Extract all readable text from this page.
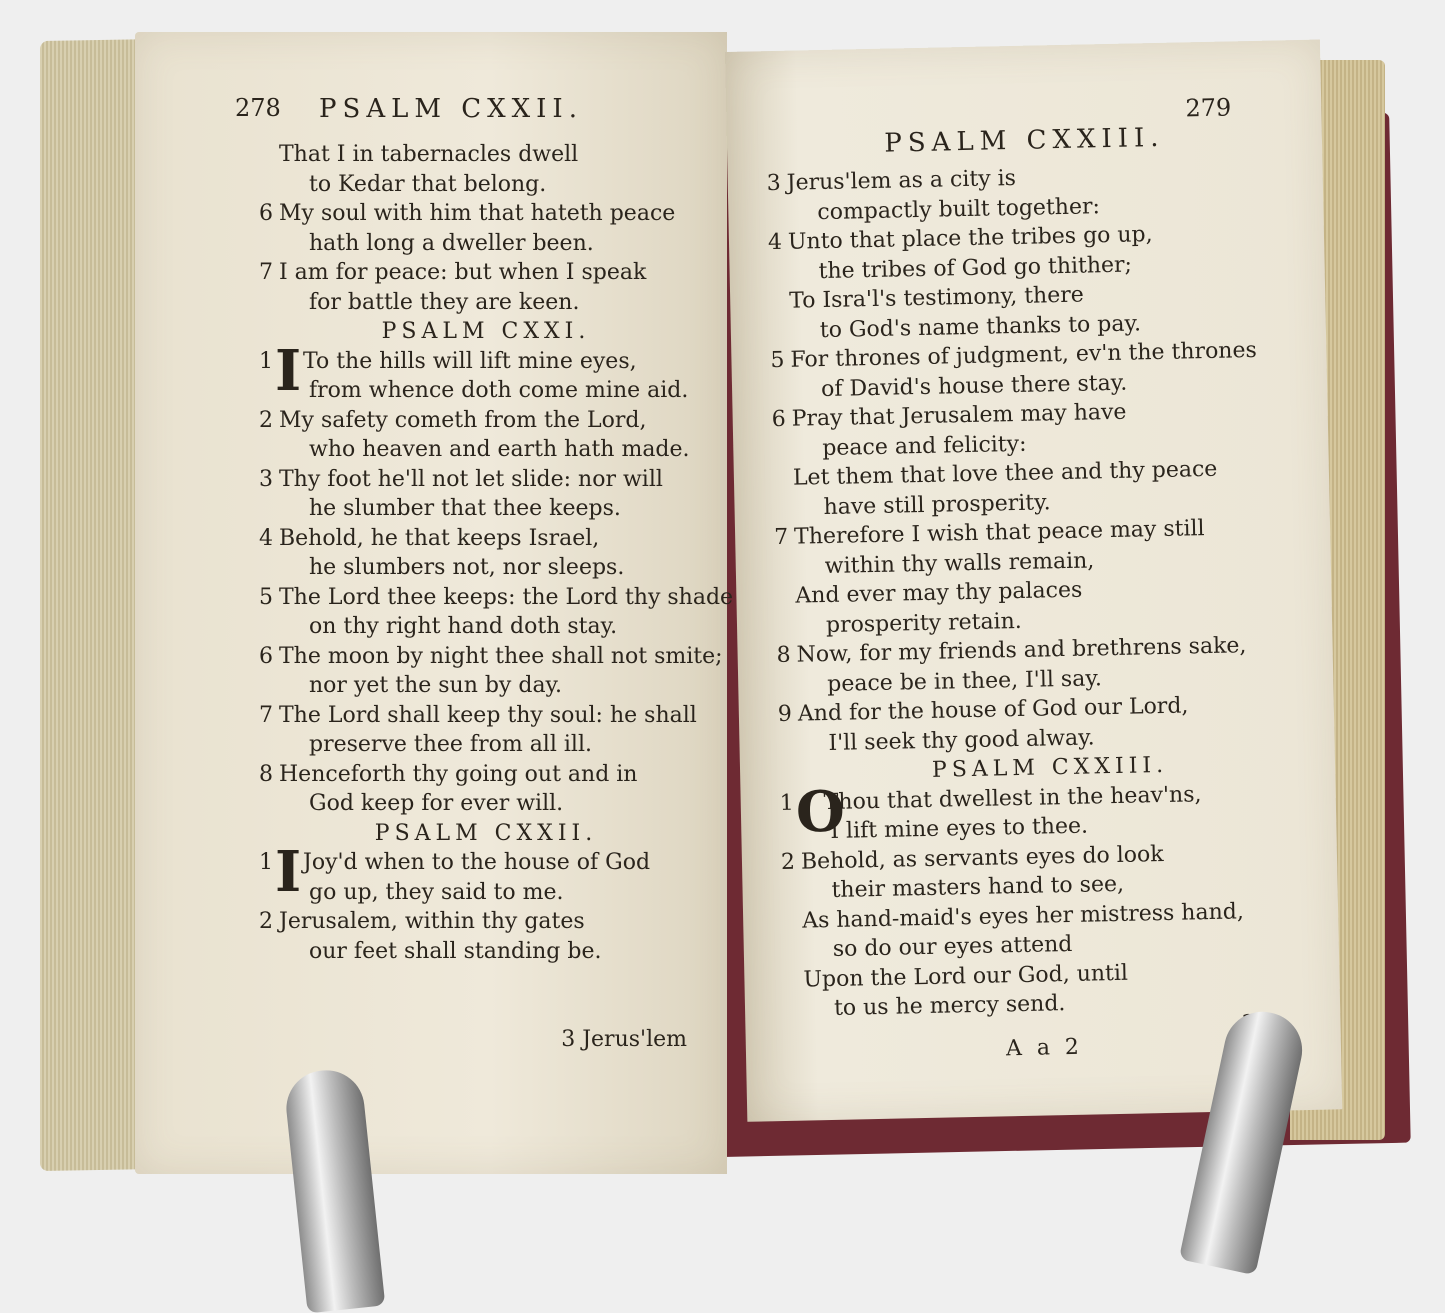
278	PSALM CXXII.
That I in tabernacles dwell
to Kedar that belong.
6 My soul with him that hateth peace
hath long a dweller been.
7 I am for peace: but when I speak
for battle they are keen.
PSALM CXXI.
I
1 To the hills will lift mine eyes,
from whence doth come mine aid.
2 My safety cometh from the Lord,
who heaven and earth hath made.
3 Thy foot he'll not let slide: nor will
he slumber that thee keeps.
4 Behold, he that keeps Israel,
he slumbers not, nor sleeps.
5 The Lord thee keeps: the Lord thy shade
on thy right hand doth stay.
6 The moon by night thee shall not smite;
nor yet the sun by day.
7 The Lord shall keep thy soul: he shall
preserve thee from all ill.
8 Henceforth thy going out and in
God keep for ever will.
PSALM CXXII.
I
1 Joy'd when to the house of God
go up, they said to me.
2 Jerusalem, within thy gates
our feet shall standing be.
3 Jerus'lem
PSALM CXXIII.
279
3 Jerus'lem as a city is
compactly built together:
4 Unto that place the tribes go up,
the tribes of God go thither;
To Isra'l's testimony, there
to God's name thanks to pay.
5 For thrones of judgment, ev'n the thrones
of David's house there stay.
6 Pray that Jerusalem may have
peace and felicity:
Let them that love thee and thy peace
have still prosperity.
7 Therefore I wish that peace may still
within thy walls remain,
And ever may thy palaces
prosperity retain.
8 Now, for my friends and brethrens sake,
peace be in thee, I'll say.
9 And for the house of God our Lord,
I'll seek thy good alway.
PSALM CXXIII.
O
1 Thou that dwellest in the heav'ns,
I lift mine eyes to thee.
2 Behold, as servants eyes do look
their masters hand to see,
As hand-maid's eyes her mistress hand,
so do our eyes attend
Upon the Lord our God, until
to us he mercy send.
A a 2
